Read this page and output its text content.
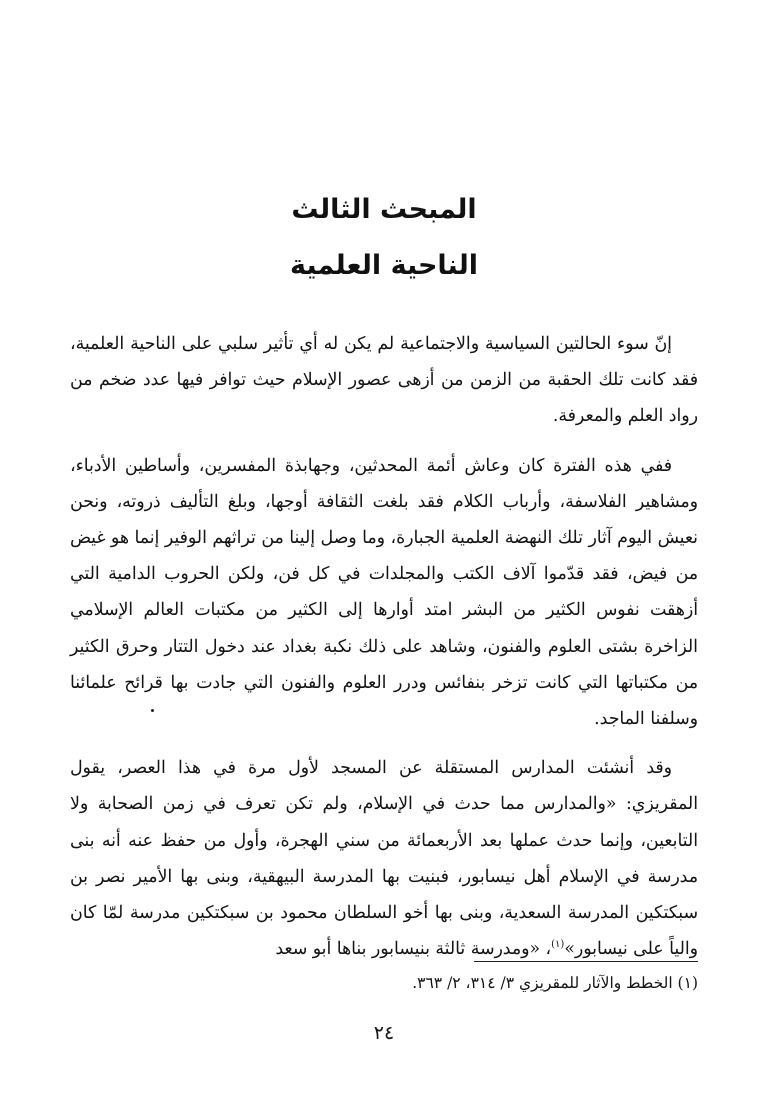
المبحث الثالث
الناحية العلمية

إنّ سوء الحالتين السياسية والاجتماعية لم يكن له أي تأثير سلبي على الناحية العلمية، فقد كانت تلك الحقبة من الزمن من أزهى عصور الإسلام حيث توافر فيها عدد ضخم من رواد العلم والمعرفة.

ففي هذه الفترة كان وعاش أئمة المحدثين، وجهابذة المفسرين، وأساطين الأدباء، ومشاهير الفلاسفة، وأرباب الكلام فقد بلغت الثقافة أوجها، وبلغ التأليف ذروته، ونحن نعيش اليوم آثار تلك النهضة العلمية الجبارة، وما وصل إلينا من تراثهم الوفير إنما هو غيض من فيض، فقد قدّموا آلاف الكتب والمجلدات في كل فن، ولكن الحروب الدامية التي أزهقت نفوس الكثير من البشر امتد أوارها إلى الكثير من مكتبات العالم الإسلامي الزاخرة بشتى العلوم والفنون، وشاهد على ذلك نكبة بغداد عند دخول التتار وحرق الكثير من مكتباتها التي كانت تزخر بنفائس ودرر العلوم والفنون التي جادت بها قرائح علمائنا وسلفنا الماجد.

وقد أنشئت المدارس المستقلة عن المسجد لأول مرة في هذا العصر، يقول المقريزي: «والمدارس مما حدث في الإسلام، ولم تكن تعرف في زمن الصحابة ولا التابعين، وإنما حدث عملها بعد الأربعمائة من سني الهجرة، وأول من حفظ عنه أنه بنى مدرسة في الإسلام أهل نيسابور، فبنيت بها المدرسة البيهقية، وبنى بها الأمير نصر بن سبكتكين المدرسة السعدية، وبنى بها أخو السلطان محمود بن سبكتكين مدرسة لمّا كان والياً على نيسابور»$^{(١)}$، «ومدرسة ثالثة بنيسابور بناها أبو سعد

(١) الخطط والآثار للمقريزي ٣/ ٣١٤، ٢/ ٣٦٣.

٢٤
